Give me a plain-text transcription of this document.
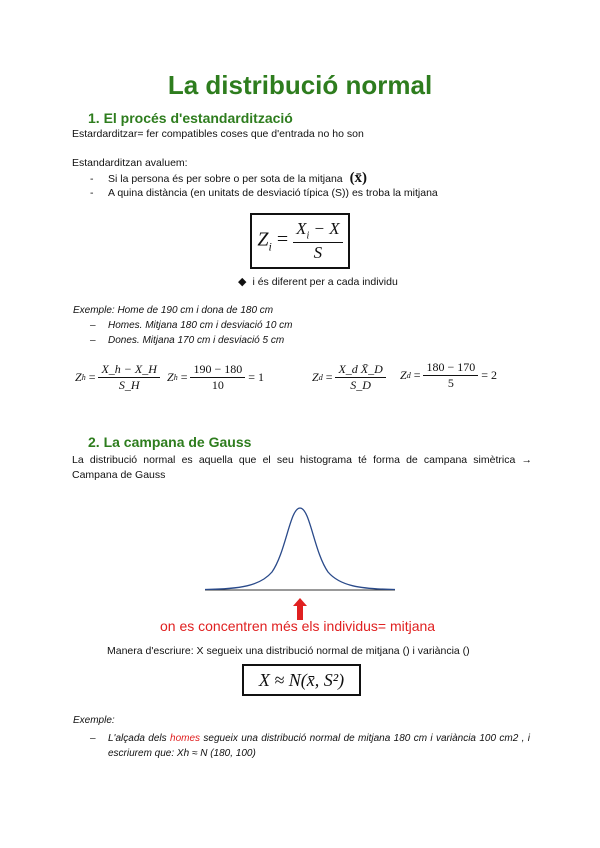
La distribució normal
1. El procés d'estandardització
Estardarditzar= fer compatibles coses que d'entrada no ho son
Estandarditzan avaluem:
- Si la persona és per sobre o per sota de la mitjana (x̄)
- A quina distància (en unitats de desviació típica (S)) es troba la mitjana
$Z_i = \frac{X_i - X}{S}$
◆ i és diferent per a cada individu
Exemple: Home de 190 cm i dona de 180 cm
– Homes. Mitjana 180 cm i desviació 10 cm
– Dones. Mitjana 170 cm i desviació 5 cm
Z $h = \frac{X\_h - X\_H}{S\_H}$ Z $h = \frac{190 - 180}{10} = 1$	Z $d = \frac{\text{X\_d X̄\_D}}{S\_D}$ Z $d = \frac{180 - 170}{5} = 2$
2. La campana de Gauss
La distribució normal es aquella que el seu histograma té forma de campana simètrica → Campana de Gauss
on es concentren més els individus= mitjana
Manera d'escriure: X segueix una distribució normal de mitjana () i variància ()
X ≈ N(x̄, S²)
Exemple:
–	L'alçada dels homes segueix una distribució normal de mitjana 180 cm i variància 100 cm2 , i escriurem que: Xh ≈ N (180, 100)
